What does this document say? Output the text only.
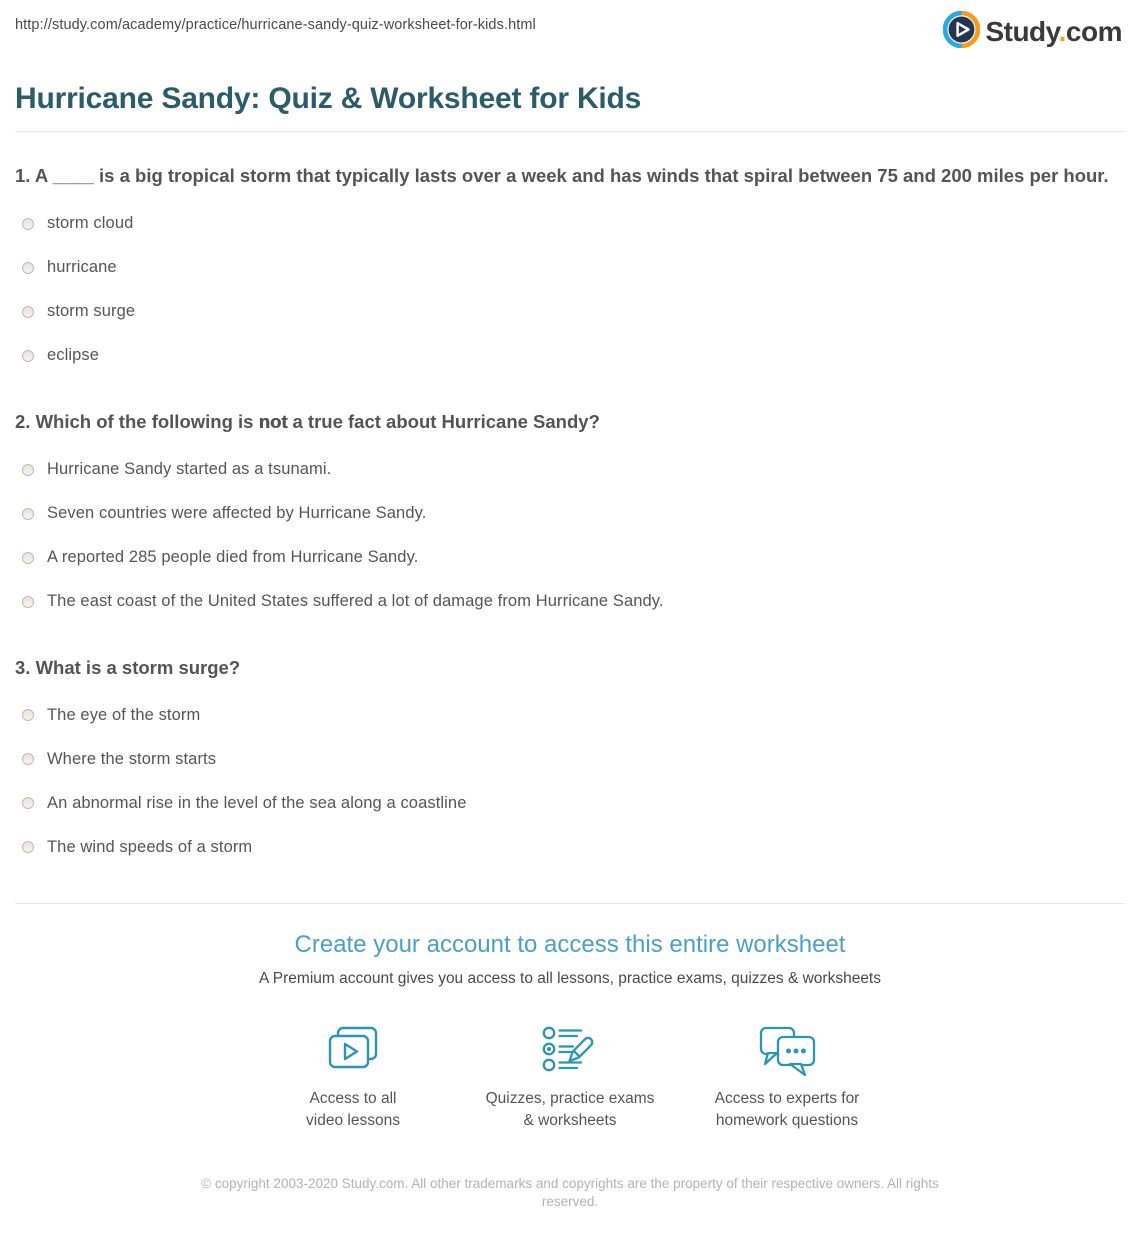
http://study.com/academy/practice/hurricane-sandy-quiz-worksheet-for-kids.html	Study.com
Hurricane Sandy: Quiz & Worksheet for Kids
1. A ____ is a big tropical storm that typically lasts over a week and has winds that spiral between 75 and 200 miles per hour.
storm cloud
hurricane
storm surge
eclipse
2. Which of the following is not a true fact about Hurricane Sandy?
Hurricane Sandy started as a tsunami.
Seven countries were affected by Hurricane Sandy.
A reported 285 people died from Hurricane Sandy.
The east coast of the United States suffered a lot of damage from Hurricane Sandy.
3. What is a storm surge?
The eye of the storm
Where the storm starts
An abnormal rise in the level of the sea along a coastline
The wind speeds of a storm
Create your account to access this entire worksheet
A Premium account gives you access to all lessons, practice exams, quizzes & worksheets
Access to all
video lessons
Quizzes, practice exams
& worksheets
Access to experts for
homework questions
© copyright 2003-2020 Study.com. All other trademarks and copyrights are the property of their respective owners. All rights
reserved.
